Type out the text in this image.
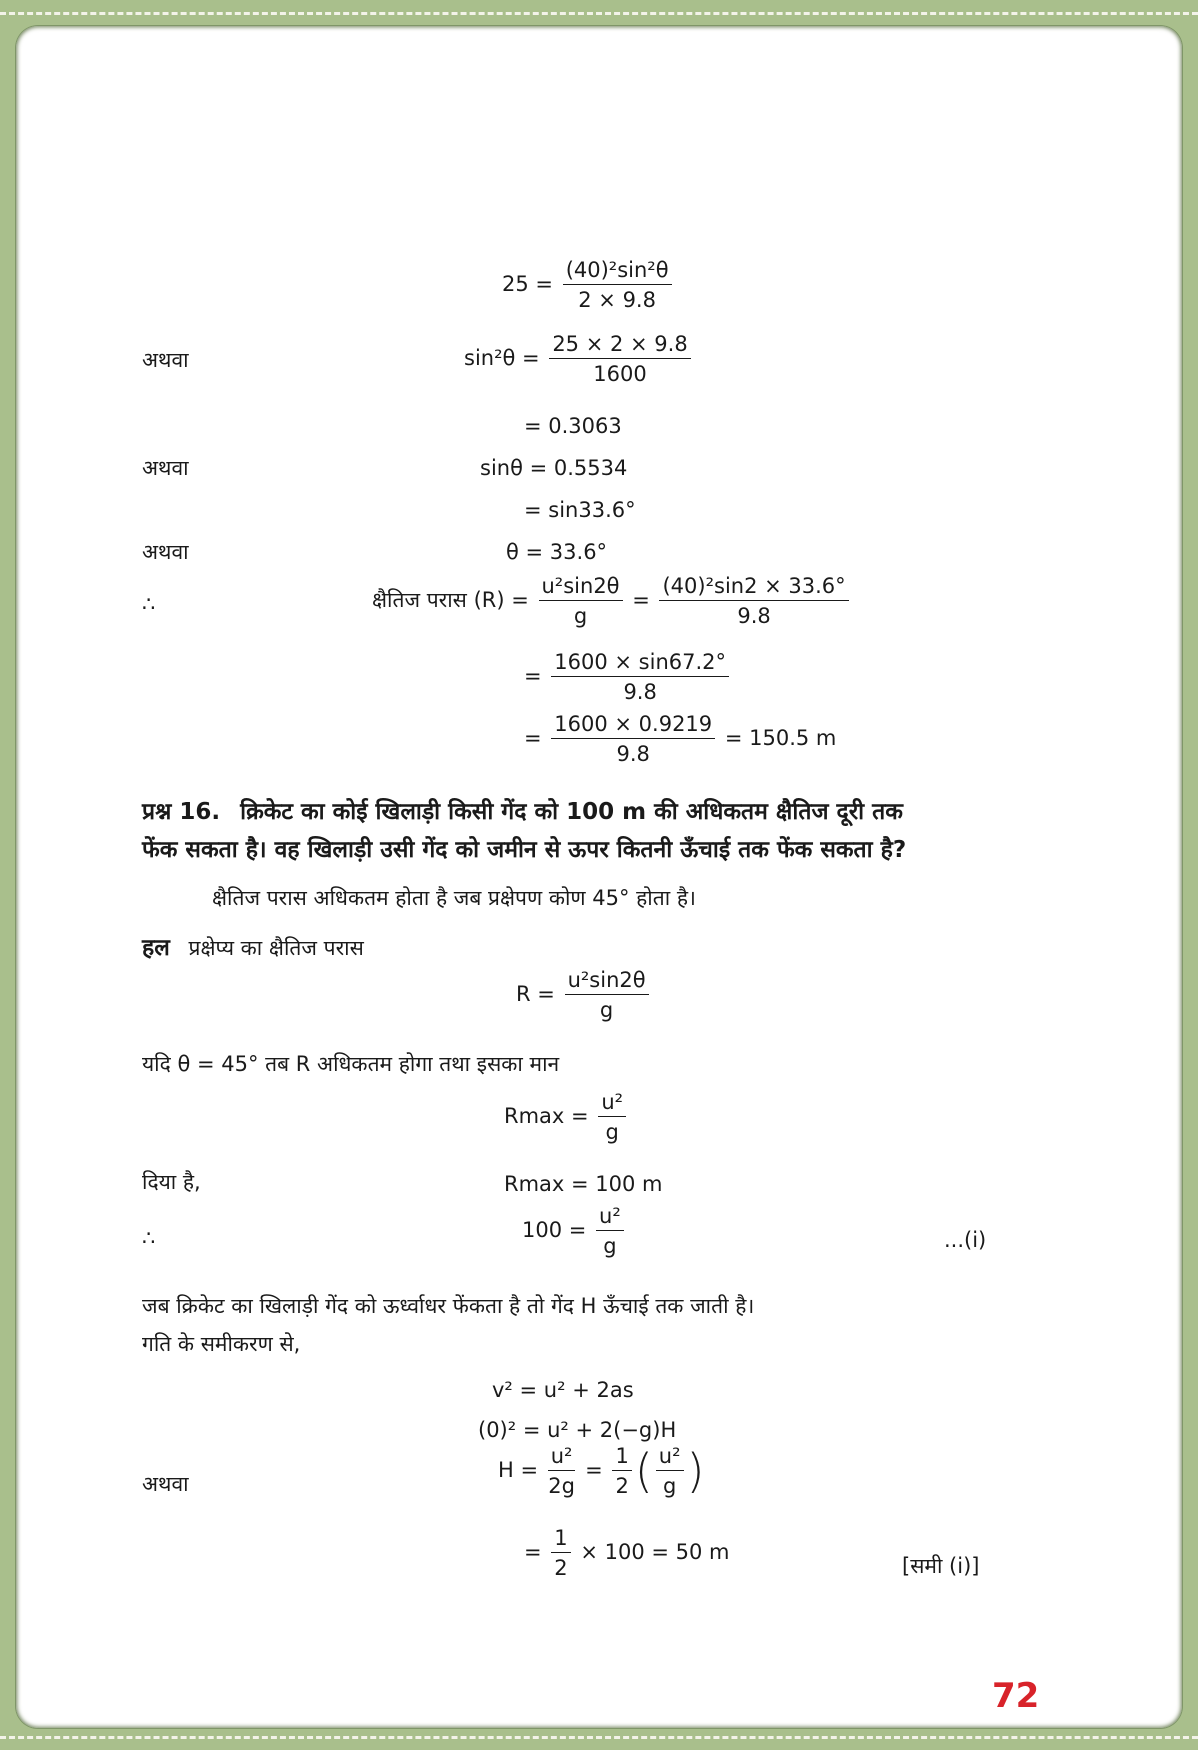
$25 = \frac{\text{(40)²sin²θ}}{2 \times 9.8}$
अथवा	$\sin^2\theta = \frac{25 \times 2 \times 9.8}{1600}$
= 0.3063
अथवा	sinθ = 0.5534
= sin33.6°
अथवा	θ = 33.6°
∴	क्षैतिज परास $(R) = \frac{\text{u²sin2θ}}{g} = \frac{\text{(40)²sin2 × 33.6°}}{9.8}$
= $\frac{1600 \times \sin 67.2^\circ}{9.8}$
= $\frac{1600 \times 0.9219}{9.8} = 150.5$ m
प्रश्न 16. क्रिकेट का कोई खिलाड़ी किसी गेंद को 100 m की अधिकतम क्षैतिज दूरी तक
फेंक सकता है। वह खिलाड़ी उसी गेंद को जमीन से ऊपर कितनी ऊँचाई तक फेंक सकता है?
क्षैतिज परास अधिकतम होता है जब प्रक्षेपण कोण 45° होता है।
हल प्रक्षेप्य का क्षैतिज परास
$R = \frac{\text{u²sin2θ}}{g}$
यदि θ = 45° तब R अधिकतम होगा तथा इसका मान
$Rmax = \frac{\text{u²}}{g}$
दिया है,	Rmax = 100 m
∴	$100 = \frac{\text{u²}}{g}$	...(i)
जब क्रिकेट का खिलाड़ी गेंद को ऊर्ध्वाधर फेंकता है तो गेंद H ऊँचाई तक जाती है।
गति के समीकरण से,
v² = u² + 2as
(0)² = u² + 2(−g)H
अथवा
$H = \frac{\text{u²}}{2g} = \frac{1}{2}$ ( $\frac{\text{u²}}{g}$ )
= $\frac{1}{2} \times 100 = 50$ m
[समी (i)]
72
